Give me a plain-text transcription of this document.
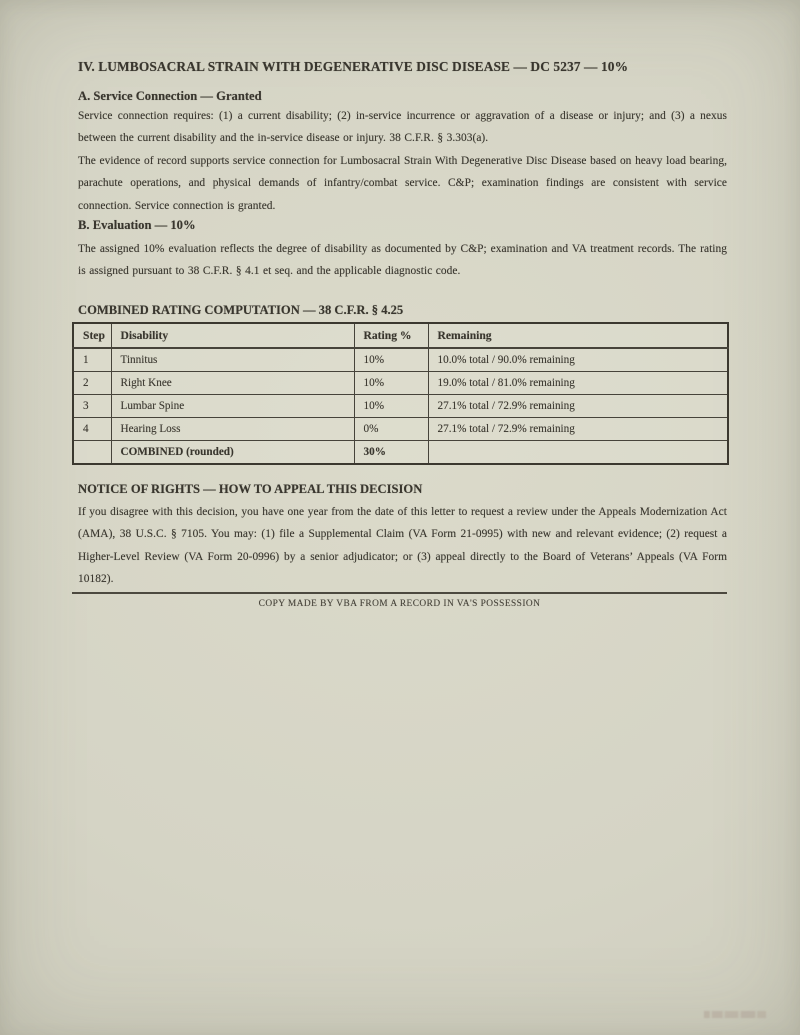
IV. LUMBOSACRAL STRAIN WITH DEGENERATIVE DISC DISEASE — DC 5237 — 10%
A. Service Connection — Granted
Service connection requires: (1) a current disability; (2) in-service incurrence or aggravation of a disease or injury; and (3) a nexus between the current disability and the in-service disease or injury. 38 C.F.R. § 3.303(a).
The evidence of record supports service connection for Lumbosacral Strain With Degenerative Disc Disease based on heavy load bearing, parachute operations, and physical demands of infantry/combat service. C&P; examination findings are consistent with service connection. Service connection is granted.
B. Evaluation — 10%
The assigned 10% evaluation reflects the degree of disability as documented by C&P; examination and VA treatment records. The rating is assigned pursuant to 38 C.F.R. § 4.1 et seq. and the applicable diagnostic code.
COMBINED RATING COMPUTATION — 38 C.F.R. § 4.25
Step	Disability	Rating %	Remaining
1	Tinnitus	10%	10.0% total / 90.0% remaining
2	Right Knee	10%	19.0% total / 81.0% remaining
3	Lumbar Spine	10%	27.1% total / 72.9% remaining
4	Hearing Loss	0%	27.1% total / 72.9% remaining
	COMBINED (rounded)	30%	
NOTICE OF RIGHTS — HOW TO APPEAL THIS DECISION
If you disagree with this decision, you have one year from the date of this letter to request a review under the Appeals Modernization Act (AMA), 38 U.S.C. § 7105. You may: (1) file a Supplemental Claim (VA Form 21-0995) with new and relevant evidence; (2) request a Higher-Level Review (VA Form 20-0996) by a senior adjudicator; or (3) appeal directly to the Board of Veterans’ Appeals (VA Form 10182).
COPY MADE BY VBA FROM A RECORD IN VA'S POSSESSION
